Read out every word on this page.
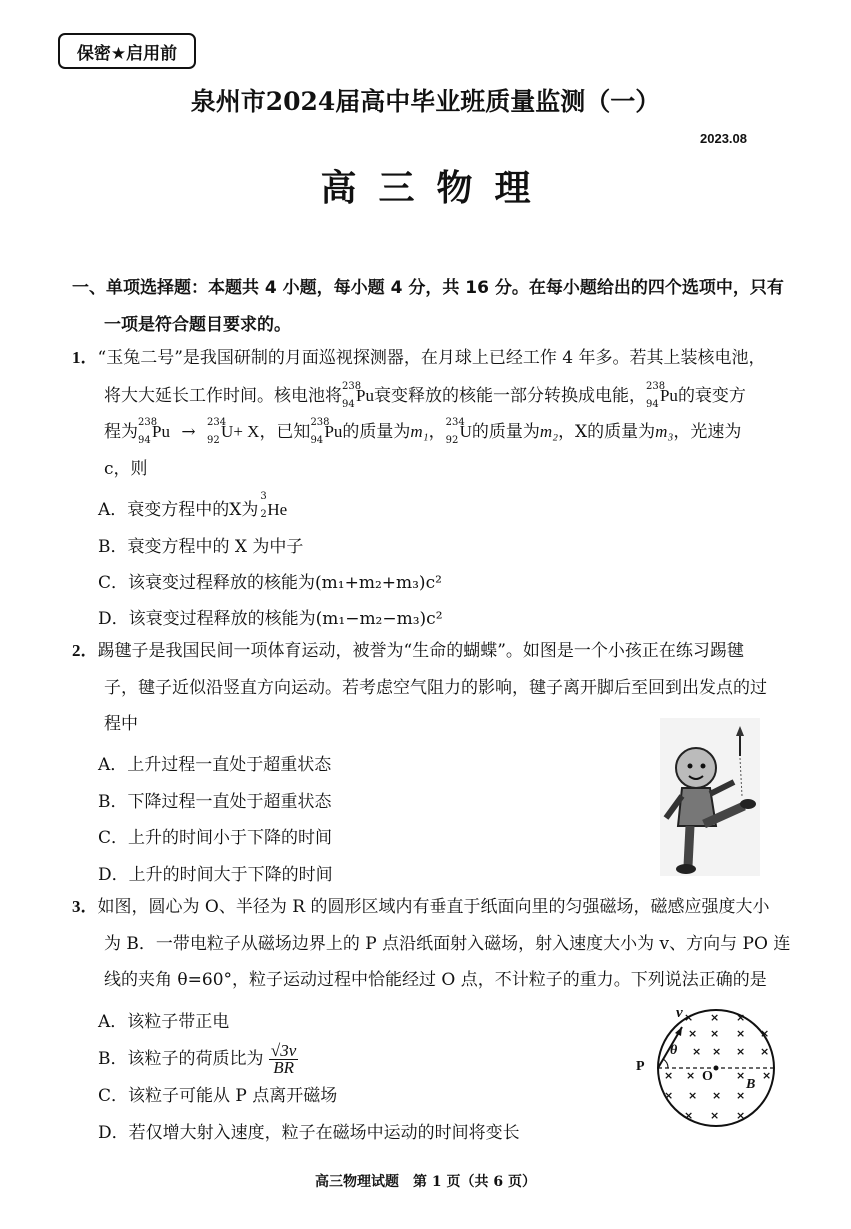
保密★启用前
泉州市2024届高中毕业班质量监测（一）
2023.08
高三物理
一、单项选择题：本题共 4 小题，每小题 4 分，共 16 分。在每小题给出的四个选项中，只有
一项是符合题目要求的。
1．“玉兔二号”是我国研制的月面巡视探测器，在月球上已经工作 4 年多。若其上装核电池，
将大大延长工作时间。核电池将 238
94 Pu衰变释放的核能一部分转换成电能， 238
94 Pu的衰变方
程为 238
94 Pu → 234
92 U+ X，已知 238
94 Pu的质量为m₁， 234
92 U的质量为m₂，X的质量为m₃，光速为
c，则
A．衰变方程中的X为
3
2 He
B．衰变方程中的 X 为中子
C．该衰变过程释放的核能为(m₁+m₂+m₃)c²
D．该衰变过程释放的核能为(m₁−m₂−m₃)c²
2．踢毽子是我国民间一项体育运动，被誉为“生命的蝴蝶”。如图是一个小孩正在练习踢毽
子，毽子近似沿竖直方向运动。若考虑空气阻力的影响，毽子离开脚后至回到出发点的过
程中
A．上升过程一直处于超重状态
B．下降过程一直处于超重状态
C．上升的时间小于下降的时间
D．上升的时间大于下降的时间
3．如图，圆心为 O、半径为 R 的圆形区域内有垂直于纸面向里的匀强磁场，磁感应强度大小
为 B．一带电粒子从磁场边界上的 P 点沿纸面射入磁场，射入速度大小为 v、方向与 PO 连
线的夹角 θ=60°，粒子运动过程中恰能经过 O 点，不计粒子的重力。下列说法正确的是
A．该粒子带正电
B．该粒子的荷质比为 $\frac{√3v}{BR}$
C．该粒子可能从 P 点离开磁场
D．若仅增大射入速度，粒子在磁场中运动的时间将变长
× × ×
× × × ×
× × × ×
× ×	× ×
× × × ×
× × ×
v
θ
P
O
B
高三物理试题　第 1 页（共 6 页）
